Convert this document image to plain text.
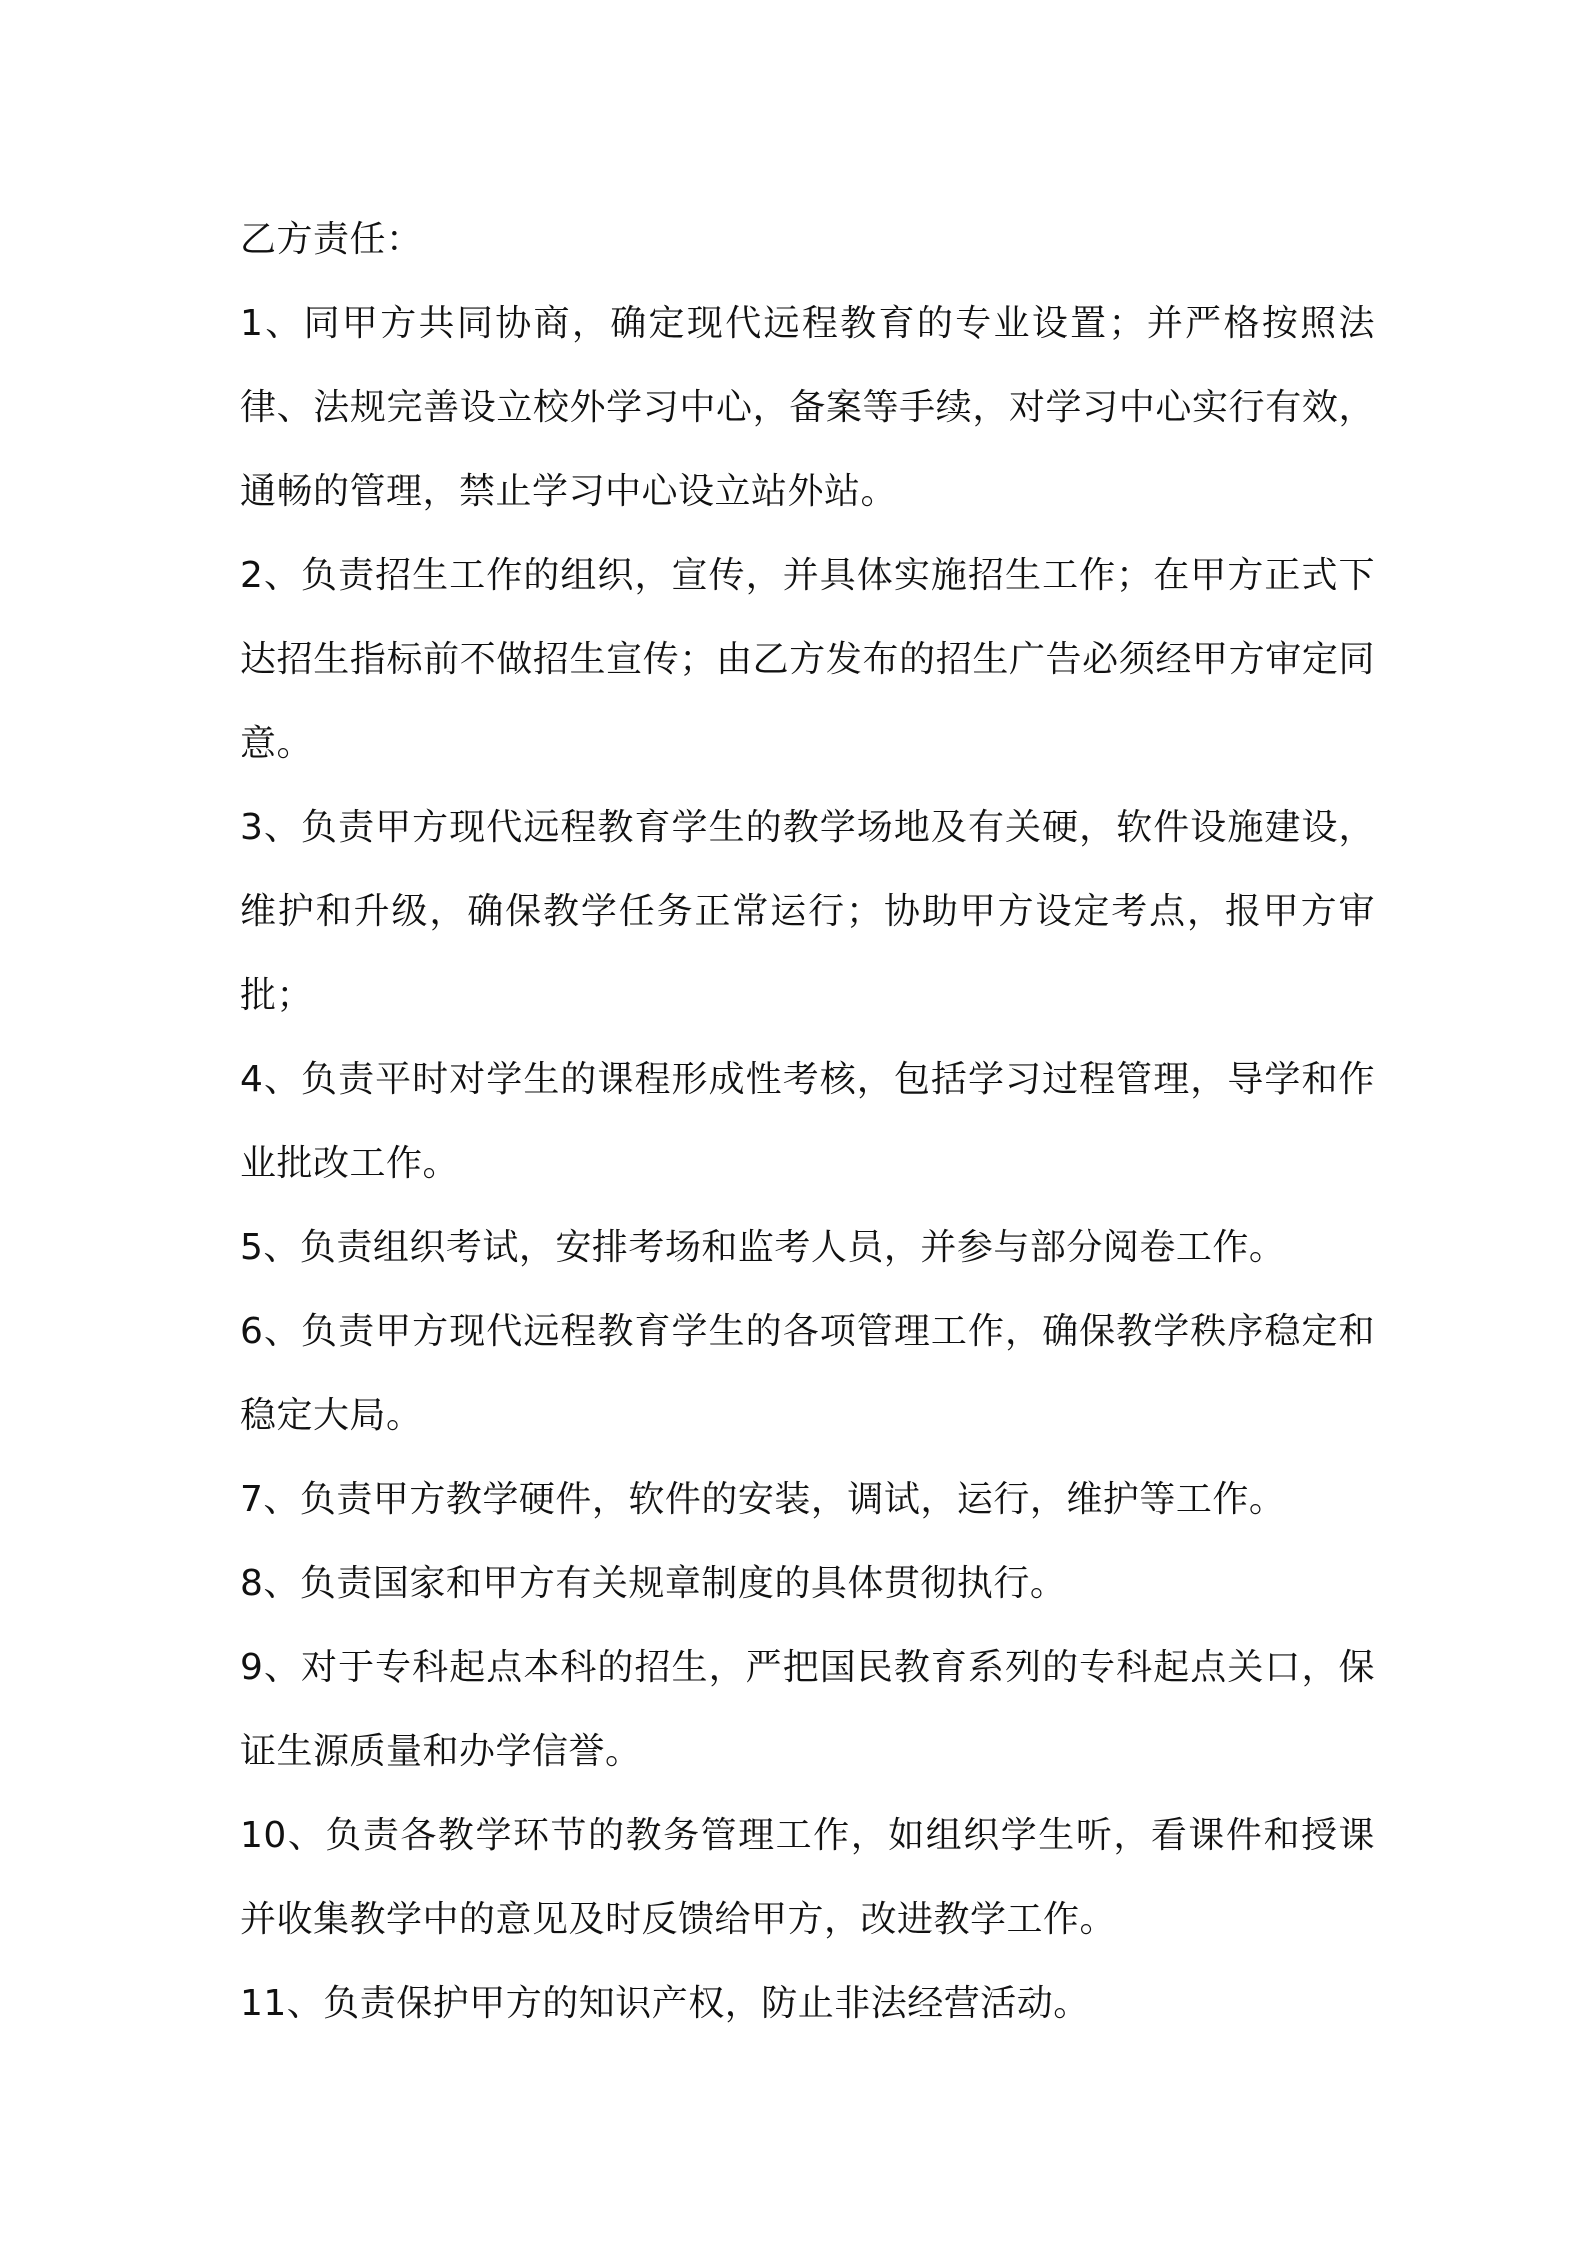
乙方责任：

1、同甲方共同协商，确定现代远程教育的专业设置；并严格按照法律、法规完善设立校外学习中心，备案等手续，对学习中心实行有效，通畅的管理，禁止学习中心设立站外站。

2、负责招生工作的组织，宣传，并具体实施招生工作；在甲方正式下达招生指标前不做招生宣传；由乙方发布的招生广告必须经甲方审定同意。

3、负责甲方现代远程教育学生的教学场地及有关硬，软件设施建设，维护和升级，确保教学任务正常运行；协助甲方设定考点，报甲方审批；

4、负责平时对学生的课程形成性考核，包括学习过程管理，导学和作业批改工作。

5、负责组织考试，安排考场和监考人员，并参与部分阅卷工作。

6、负责甲方现代远程教育学生的各项管理工作，确保教学秩序稳定和稳定大局。

7、负责甲方教学硬件，软件的安装，调试，运行，维护等工作。

8、负责国家和甲方有关规章制度的具体贯彻执行。

9、对于专科起点本科的招生，严把国民教育系列的专科起点关口，保证生源质量和办学信誉。

10、负责各教学环节的教务管理工作，如组织学生听，看课件和授课并收集教学中的意见及时反馈给甲方，改进教学工作。

11、负责保护甲方的知识产权，防止非法经营活动。
